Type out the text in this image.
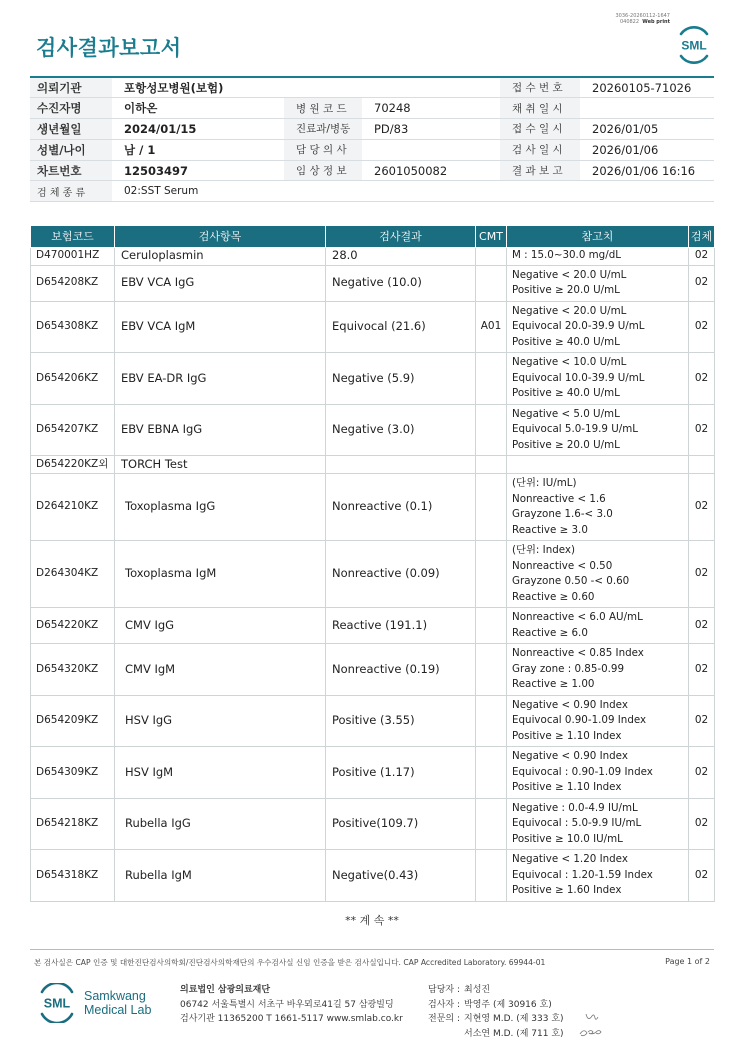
3036-20260112-1647
040822 Web print
검사결과보고서	SML
의뢰기관	포항성모병원(보험)			접 수 번 호	20260105-71026
수진자명	이하온	병 원 코 드	70248	채 취 일 시	
생년월일	2024/01/15	진료과/병동	PD/83	접 수 일 시	2026/01/05
성별/나이	남 / 1	담 당 의 사		검 사 일 시	2026/01/06
차트번호	12503497	임 상 정 보	2601050082	결 과 보 고	2026/01/06 16:16
검 체 종 류	02:SST Serum				
보험코드	검사항목	검사결과	CMT	참고치	검체
D470001HZ	Ceruloplasmin	28.0		M : 15.0~30.0 mg/dL	02
D654208KZ	EBV VCA IgG	Negative (10.0)		Negative < 20.0 U/mL
Positive ≥ 20.0 U/mL	02
D654308KZ	EBV VCA IgM	Equivocal (21.6)	A01	Negative < 20.0 U/mL
Equivocal 20.0-39.9 U/mL
Positive ≥ 40.0 U/mL	02
D654206KZ	EBV EA-DR IgG	Negative (5.9)		Negative < 10.0 U/mL
Equivocal 10.0-39.9 U/mL
Positive ≥ 40.0 U/mL	02
D654207KZ	EBV EBNA IgG	Negative (3.0)		Negative < 5.0 U/mL
Equivocal 5.0-19.9 U/mL
Positive ≥ 20.0 U/mL	02
D654220KZ외	TORCH Test				
D264210KZ	Toxoplasma IgG	Nonreactive (0.1)		(단위: IU/mL)
Nonreactive < 1.6
Grayzone 1.6-< 3.0
Reactive ≥ 3.0	02
D264304KZ	Toxoplasma IgM	Nonreactive (0.09)		(단위: Index)
Nonreactive < 0.50
Grayzone 0.50 -< 0.60
Reactive ≥ 0.60	02
D654220KZ	CMV IgG	Reactive (191.1)		Nonreactive < 6.0 AU/mL
Reactive ≥ 6.0	02
D654320KZ	CMV IgM	Nonreactive (0.19)		Nonreactive < 0.85 Index
Gray zone : 0.85-0.99
Reactive ≥ 1.00	02
D654209KZ	HSV IgG	Positive (3.55)		Negative < 0.90 Index
Equivocal 0.90-1.09 Index
Positive ≥ 1.10 Index	02
D654309KZ	HSV IgM	Positive (1.17)		Negative < 0.90 Index
Equivocal : 0.90-1.09 Index
Positive ≥ 1.10 Index	02
D654218KZ	Rubella IgG	Positive(109.7)		Negative : 0.0-4.9 IU/mL
Equivocal : 5.0-9.9 IU/mL
Positive ≥ 10.0 IU/mL	02
D654318KZ	Rubella IgM	Negative(0.43)		Negative < 1.20 Index
Equivocal : 1.20-1.59 Index
Positive ≥ 1.60 Index	02
** 계 속 **
본 검사실은 CAP 인증 및 대한진단검사의학회/진단검사의학재단의 우수검사실 신임 인증을 받은 검사실입니다. CAP Accredited Laboratory. 69944-01	Page 1 of 2
SML
Samkwang
Medical Lab
의료법인 삼광의료재단
06742 서울특별시 서초구 바우뫼로41길 57 삼광빌딩
검사기관 11365200 T 1661-5117 www.smlab.co.kr
담당자 : 최성진
검사자 : 박영주 (제 30916 호)
전문의 : 지현영 M.D. (제 333 호)
서소연 M.D. (제 711 호)
